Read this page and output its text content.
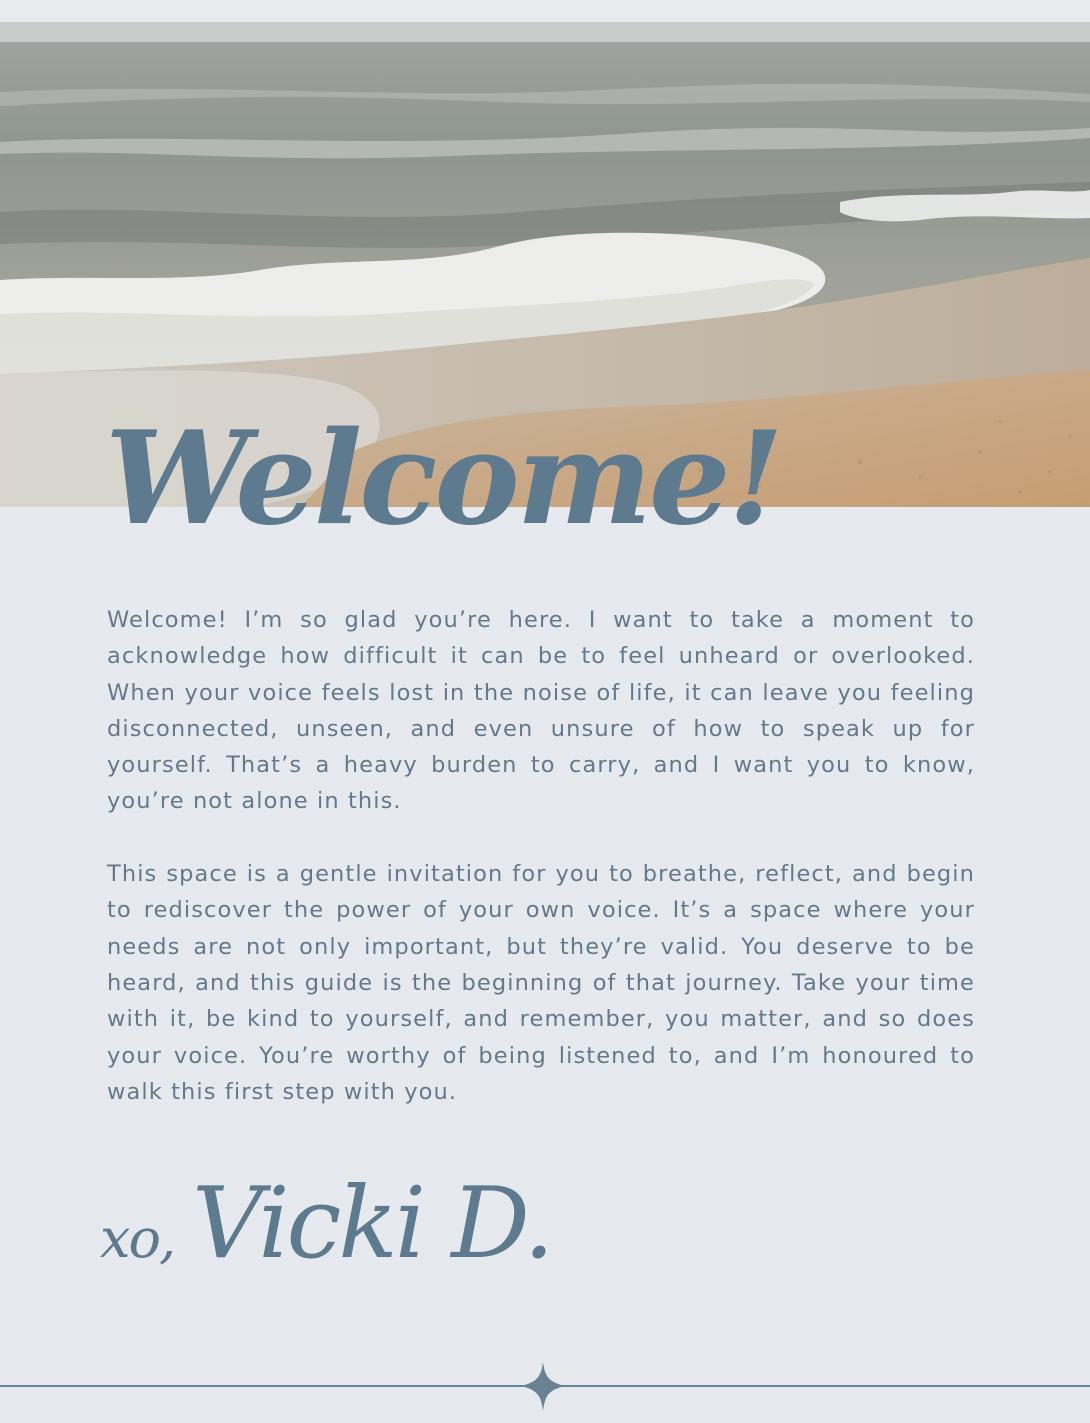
Welcome!

Welcome! I’m so glad you’re here. I want to take a moment to acknowledge how difficult it can be to feel unheard or overlooked. When your voice feels lost in the noise of life, it can leave you feeling disconnected, unseen, and even unsure of how to speak up for yourself. That’s a heavy burden to carry, and I want you to know, you’re not alone in this.

This space is a gentle invitation for you to breathe, reflect, and begin to rediscover the power of your own voice. It’s a space where your needs are not only important, but they’re valid. You deserve to be heard, and this guide is the beginning of that journey. Take your time with it, be kind to yourself, and remember, you matter, and so does your voice. You’re worthy of being listened to, and I’m honoured to walk this first step with you.

xo, Vicki D.
